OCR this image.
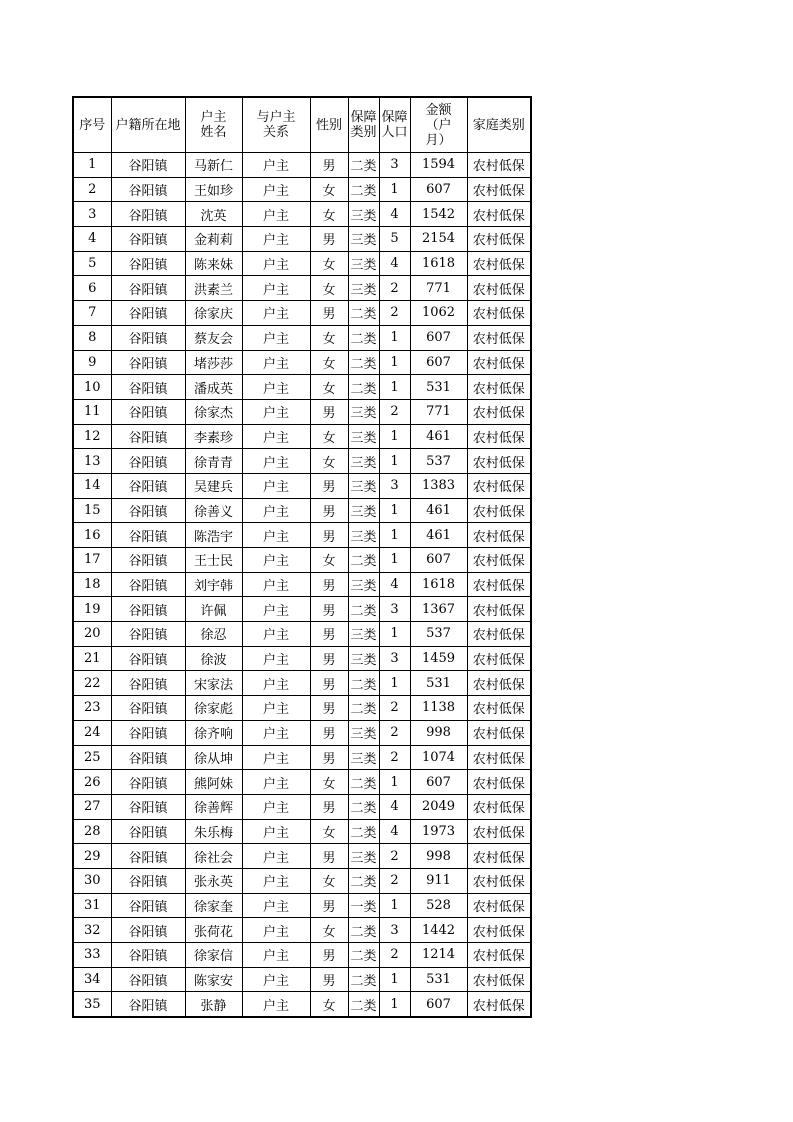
序号	户籍所在地	户主姓名	与户主关系	性别	保障类别	保障人口	金额（户月）	家庭类别
1	谷阳镇	马新仁	户主	男	二类	3	1594	农村低保
2	谷阳镇	王如珍	户主	女	二类	1	607	农村低保
3	谷阳镇	沈英	户主	女	三类	4	1542	农村低保
4	谷阳镇	金莉莉	户主	男	三类	5	2154	农村低保
5	谷阳镇	陈来妹	户主	女	三类	4	1618	农村低保
6	谷阳镇	洪素兰	户主	女	三类	2	771	农村低保
7	谷阳镇	徐家庆	户主	男	二类	2	1062	农村低保
8	谷阳镇	蔡友会	户主	女	二类	1	607	农村低保
9	谷阳镇	堵莎莎	户主	女	二类	1	607	农村低保
10	谷阳镇	潘成英	户主	女	二类	1	531	农村低保
11	谷阳镇	徐家杰	户主	男	三类	2	771	农村低保
12	谷阳镇	李素珍	户主	女	三类	1	461	农村低保
13	谷阳镇	徐青青	户主	女	三类	1	537	农村低保
14	谷阳镇	吴建兵	户主	男	三类	3	1383	农村低保
15	谷阳镇	徐善义	户主	男	三类	1	461	农村低保
16	谷阳镇	陈浩宇	户主	男	三类	1	461	农村低保
17	谷阳镇	王士民	户主	女	二类	1	607	农村低保
18	谷阳镇	刘宇韩	户主	男	三类	4	1618	农村低保
19	谷阳镇	许佩	户主	男	二类	3	1367	农村低保
20	谷阳镇	徐忍	户主	男	三类	1	537	农村低保
21	谷阳镇	徐波	户主	男	三类	3	1459	农村低保
22	谷阳镇	宋家法	户主	男	二类	1	531	农村低保
23	谷阳镇	徐家彪	户主	男	二类	2	1138	农村低保
24	谷阳镇	徐齐响	户主	男	三类	2	998	农村低保
25	谷阳镇	徐从坤	户主	男	三类	2	1074	农村低保
26	谷阳镇	熊阿妹	户主	女	二类	1	607	农村低保
27	谷阳镇	徐善辉	户主	男	二类	4	2049	农村低保
28	谷阳镇	朱乐梅	户主	女	二类	4	1973	农村低保
29	谷阳镇	徐社会	户主	男	三类	2	998	农村低保
30	谷阳镇	张永英	户主	女	二类	2	911	农村低保
31	谷阳镇	徐家奎	户主	男	一类	1	528	农村低保
32	谷阳镇	张荷花	户主	女	二类	3	1442	农村低保
33	谷阳镇	徐家信	户主	男	二类	2	1214	农村低保
34	谷阳镇	陈家安	户主	男	二类	1	531	农村低保
35	谷阳镇	张静	户主	女	二类	1	607	农村低保
